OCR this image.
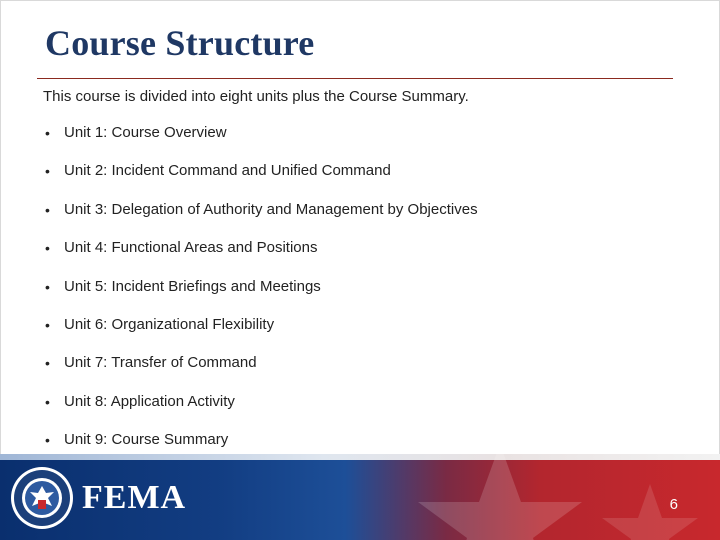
Course Structure
This course is divided into eight units plus the Course Summary.
• Unit 1: Course Overview
• Unit 2: Incident Command and Unified Command
• Unit 3: Delegation of Authority and Management by Objectives
• Unit 4: Functional Areas and Positions
• Unit 5: Incident Briefings and Meetings
• Unit 6: Organizational Flexibility
• Unit 7: Transfer of Command
• Unit 8: Application Activity
• Unit 9: Course Summary
FEMA	6
